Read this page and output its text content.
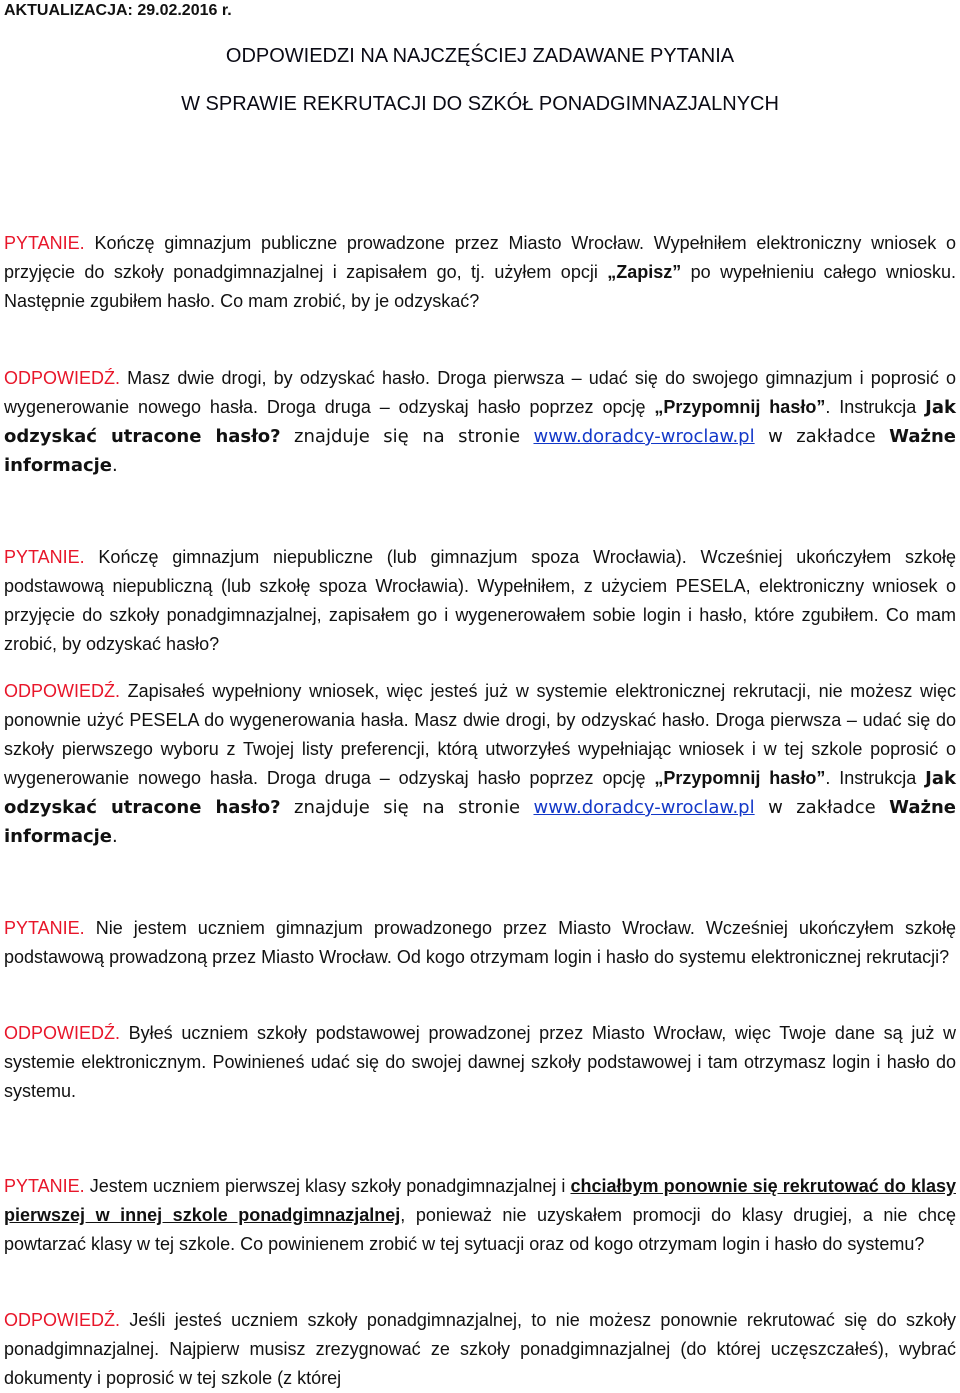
AKTUALIZACJA: 29.02.2016 r.

ODPOWIEDZI NA NAJCZĘŚCIEJ ZADAWANE PYTANIA
W SPRAWIE REKRUTACJI DO SZKÓŁ PONADGIMNAZJALNYCH

PYTANIE. Kończę gimnazjum publiczne prowadzone przez Miasto Wrocław. Wypełniłem elektroniczny wniosek o przyjęcie do szkoły ponadgimnazjalnej i zapisałem go, tj. użyłem opcji „Zapisz” po wypełnieniu całego wniosku. Następnie zgubiłem hasło. Co mam zrobić, by je odzyskać?

ODPOWIEDŹ. Masz dwie drogi, by odzyskać hasło. Droga pierwsza – udać się do swojego gimnazjum i poprosić o wygenerowanie nowego hasła. Droga druga – odzyskaj hasło poprzez opcję „Przypomnij hasło”. Instrukcja Jak odzyskać utracone hasło? znajduje się na stronie www.doradcy-wroclaw.pl w zakładce Ważne informacje.

PYTANIE. Kończę gimnazjum niepubliczne (lub gimnazjum spoza Wrocławia). Wcześniej ukończyłem szkołę podstawową niepubliczną (lub szkołę spoza Wrocławia). Wypełniłem, z użyciem PESELA, elektroniczny wniosek o przyjęcie do szkoły ponadgimnazjalnej, zapisałem go i wygenerowałem sobie login i hasło, które zgubiłem. Co mam zrobić, by odzyskać hasło?

ODPOWIEDŹ. Zapisałeś wypełniony wniosek, więc jesteś już w systemie elektronicznej rekrutacji, nie możesz więc ponownie użyć PESELA do wygenerowania hasła. Masz dwie drogi, by odzyskać hasło. Droga pierwsza – udać się do szkoły pierwszego wyboru z Twojej listy preferencji, którą utworzyłeś wypełniając wniosek i w tej szkole poprosić o wygenerowanie nowego hasła. Droga druga – odzyskaj hasło poprzez opcję „Przypomnij hasło”. Instrukcja Jak odzyskać utracone hasło? znajduje się na stronie www.doradcy-wroclaw.pl w zakładce Ważne informacje.

PYTANIE. Nie jestem uczniem gimnazjum prowadzonego przez Miasto Wrocław. Wcześniej ukończyłem szkołę podstawową prowadzoną przez Miasto Wrocław. Od kogo otrzymam login i hasło do systemu elektronicznej rekrutacji?

ODPOWIEDŹ. Byłeś uczniem szkoły podstawowej prowadzonej przez Miasto Wrocław, więc Twoje dane są już w systemie elektronicznym. Powinieneś udać się do swojej dawnej szkoły podstawowej i tam otrzymasz login i hasło do systemu.

PYTANIE. Jestem uczniem pierwszej klasy szkoły ponadgimnazjalnej i chciałbym ponownie się rekrutować do klasy pierwszej w innej szkole ponadgimnazjalnej, ponieważ nie uzyskałem promocji do klasy drugiej, a nie chcę powtarzać klasy w tej szkole. Co powinienem zrobić w tej sytuacji oraz od kogo otrzymam login i hasło do systemu?

ODPOWIEDŹ. Jeśli jesteś uczniem szkoły ponadgimnazjalnej, to nie możesz ponownie rekrutować się do szkoły ponadgimnazjalnej. Najpierw musisz zrezygnować ze szkoły ponadgimnazjalnej (do której uczęszczałeś), wybrać dokumenty i poprosić w tej szkole (z której
